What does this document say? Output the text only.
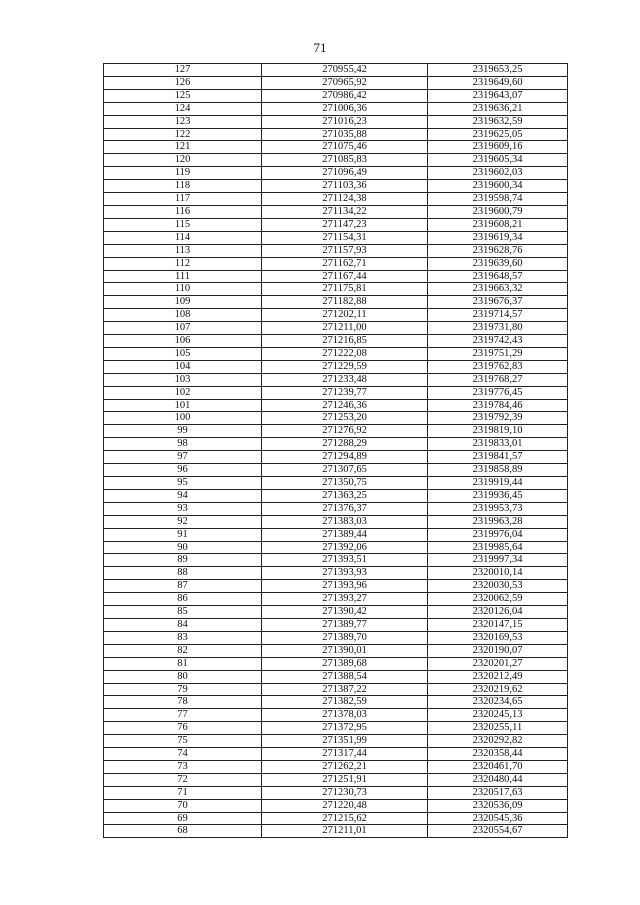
71
127	270955,42	2319653,25
126	270965,92	2319649,60
125	270986,42	2319643,07
124	271006,36	2319636,21
123	271016,23	2319632,59
122	271035,88	2319625,05
121	271075,46	2319609,16
120	271085,83	2319605,34
119	271096,49	2319602,03
118	271103,36	2319600,34
117	271124,38	2319598,74
116	271134,22	2319600,79
115	271147,23	2319608,21
114	271154,31	2319619,34
113	271157,93	2319628,76
112	271162,71	2319639,60
111	271167,44	2319648,57
110	271175,81	2319663,32
109	271182,88	2319676,37
108	271202,11	2319714,57
107	271211,00	2319731,80
106	271216,85	2319742,43
105	271222,08	2319751,29
104	271229,59	2319762,83
103	271233,48	2319768,27
102	271239,77	2319776,45
101	271246,36	2319784,46
100	271253,20	2319792,39
99	271276,92	2319819,10
98	271288,29	2319833,01
97	271294,89	2319841,57
96	271307,65	2319858,89
95	271350,75	2319919,44
94	271363,25	2319936,45
93	271376,37	2319953,73
92	271383,03	2319963,28
91	271389,44	2319976,04
90	271392,06	2319985,64
89	271393,51	2319997,34
88	271393,93	2320010,14
87	271393,96	2320030,53
86	271393,27	2320062,59
85	271390,42	2320126,04
84	271389,77	2320147,15
83	271389,70	2320169,53
82	271390,01	2320190,07
81	271389,68	2320201,27
80	271388,54	2320212,49
79	271387,22	2320219,62
78	271382,59	2320234,65
77	271378,03	2320245,13
76	271372,95	2320255,11
75	271351,99	2320292,82
74	271317,44	2320358,44
73	271262,21	2320461,70
72	271251,91	2320480,44
71	271230,73	2320517,63
70	271220,48	2320536,09
69	271215,62	2320545,36
68	271211,01	2320554,67
